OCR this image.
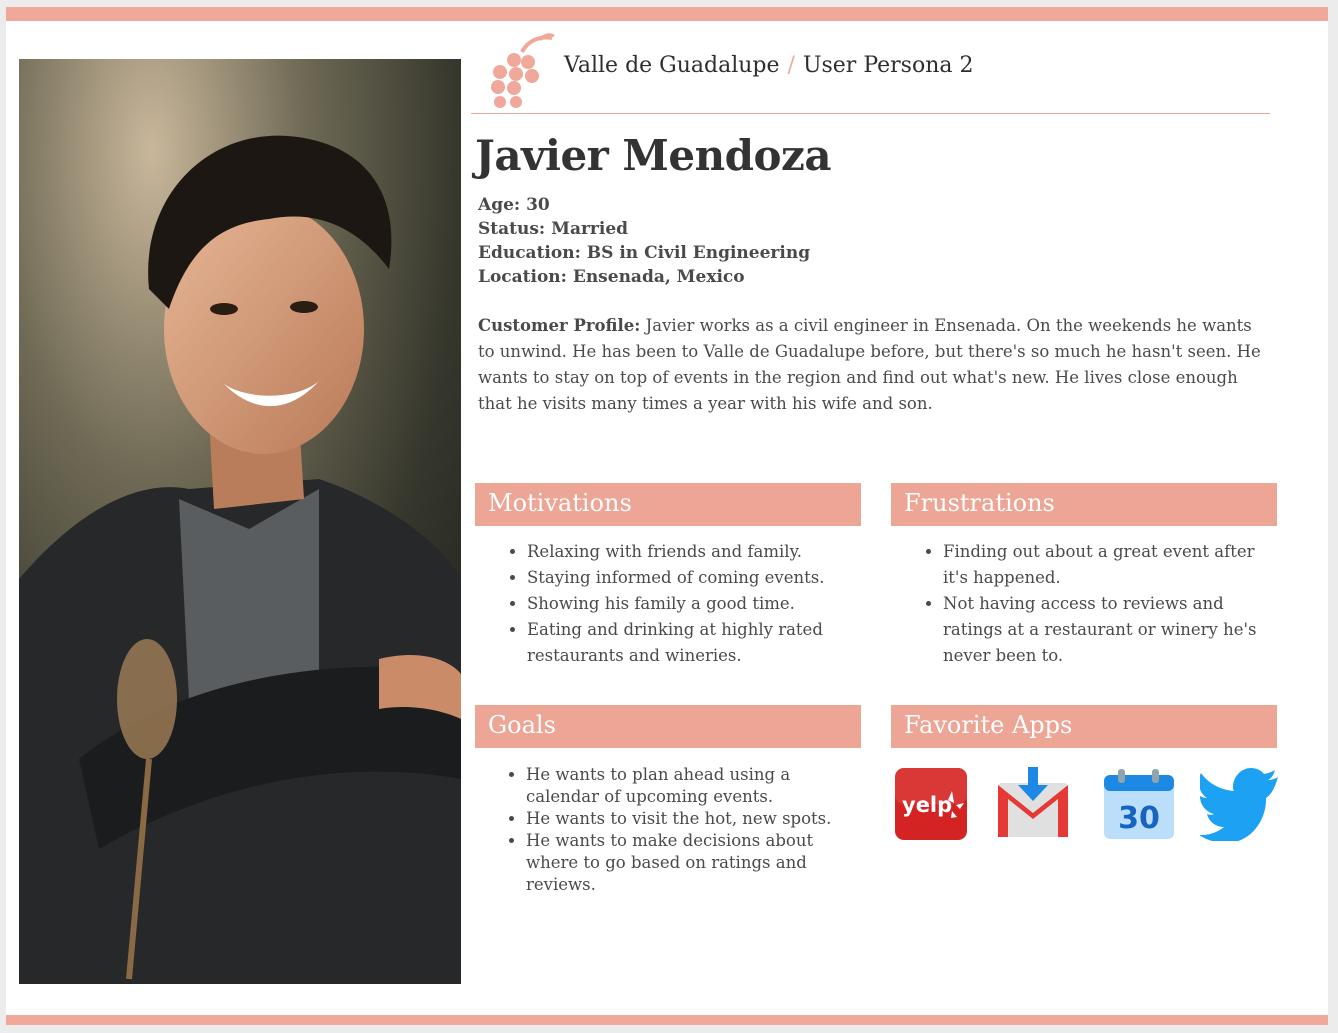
Valle de Guadalupe / User Persona 2
Javier Mendoza
Age: 30
Status: Married
Education: BS in Civil Engineering
Location: Ensenada, Mexico

Customer Profile: Javier works as a civil engineer in Ensenada. On the weekends he wants to unwind. He has been to Valle de Guadalupe before, but there's so much he hasn't seen. He wants to stay on top of events in the region and find out what's new. He lives close enough that he visits many times a year with his wife and son.

Motivations
• Relaxing with friends and family.
• Staying informed of coming events.
• Showing his family a good time.
• Eating and drinking at highly rated restaurants and wineries.
Frustrations
• Finding out about a great event after it's happened.
• Not having access to reviews and ratings at a restaurant or winery he's never been to.
Goals
• He wants to plan ahead using a calendar of upcoming events.
• He wants to visit the hot, new spots.
• He wants to make decisions about where to go based on ratings and reviews.
Favorite Apps
yelp	30
